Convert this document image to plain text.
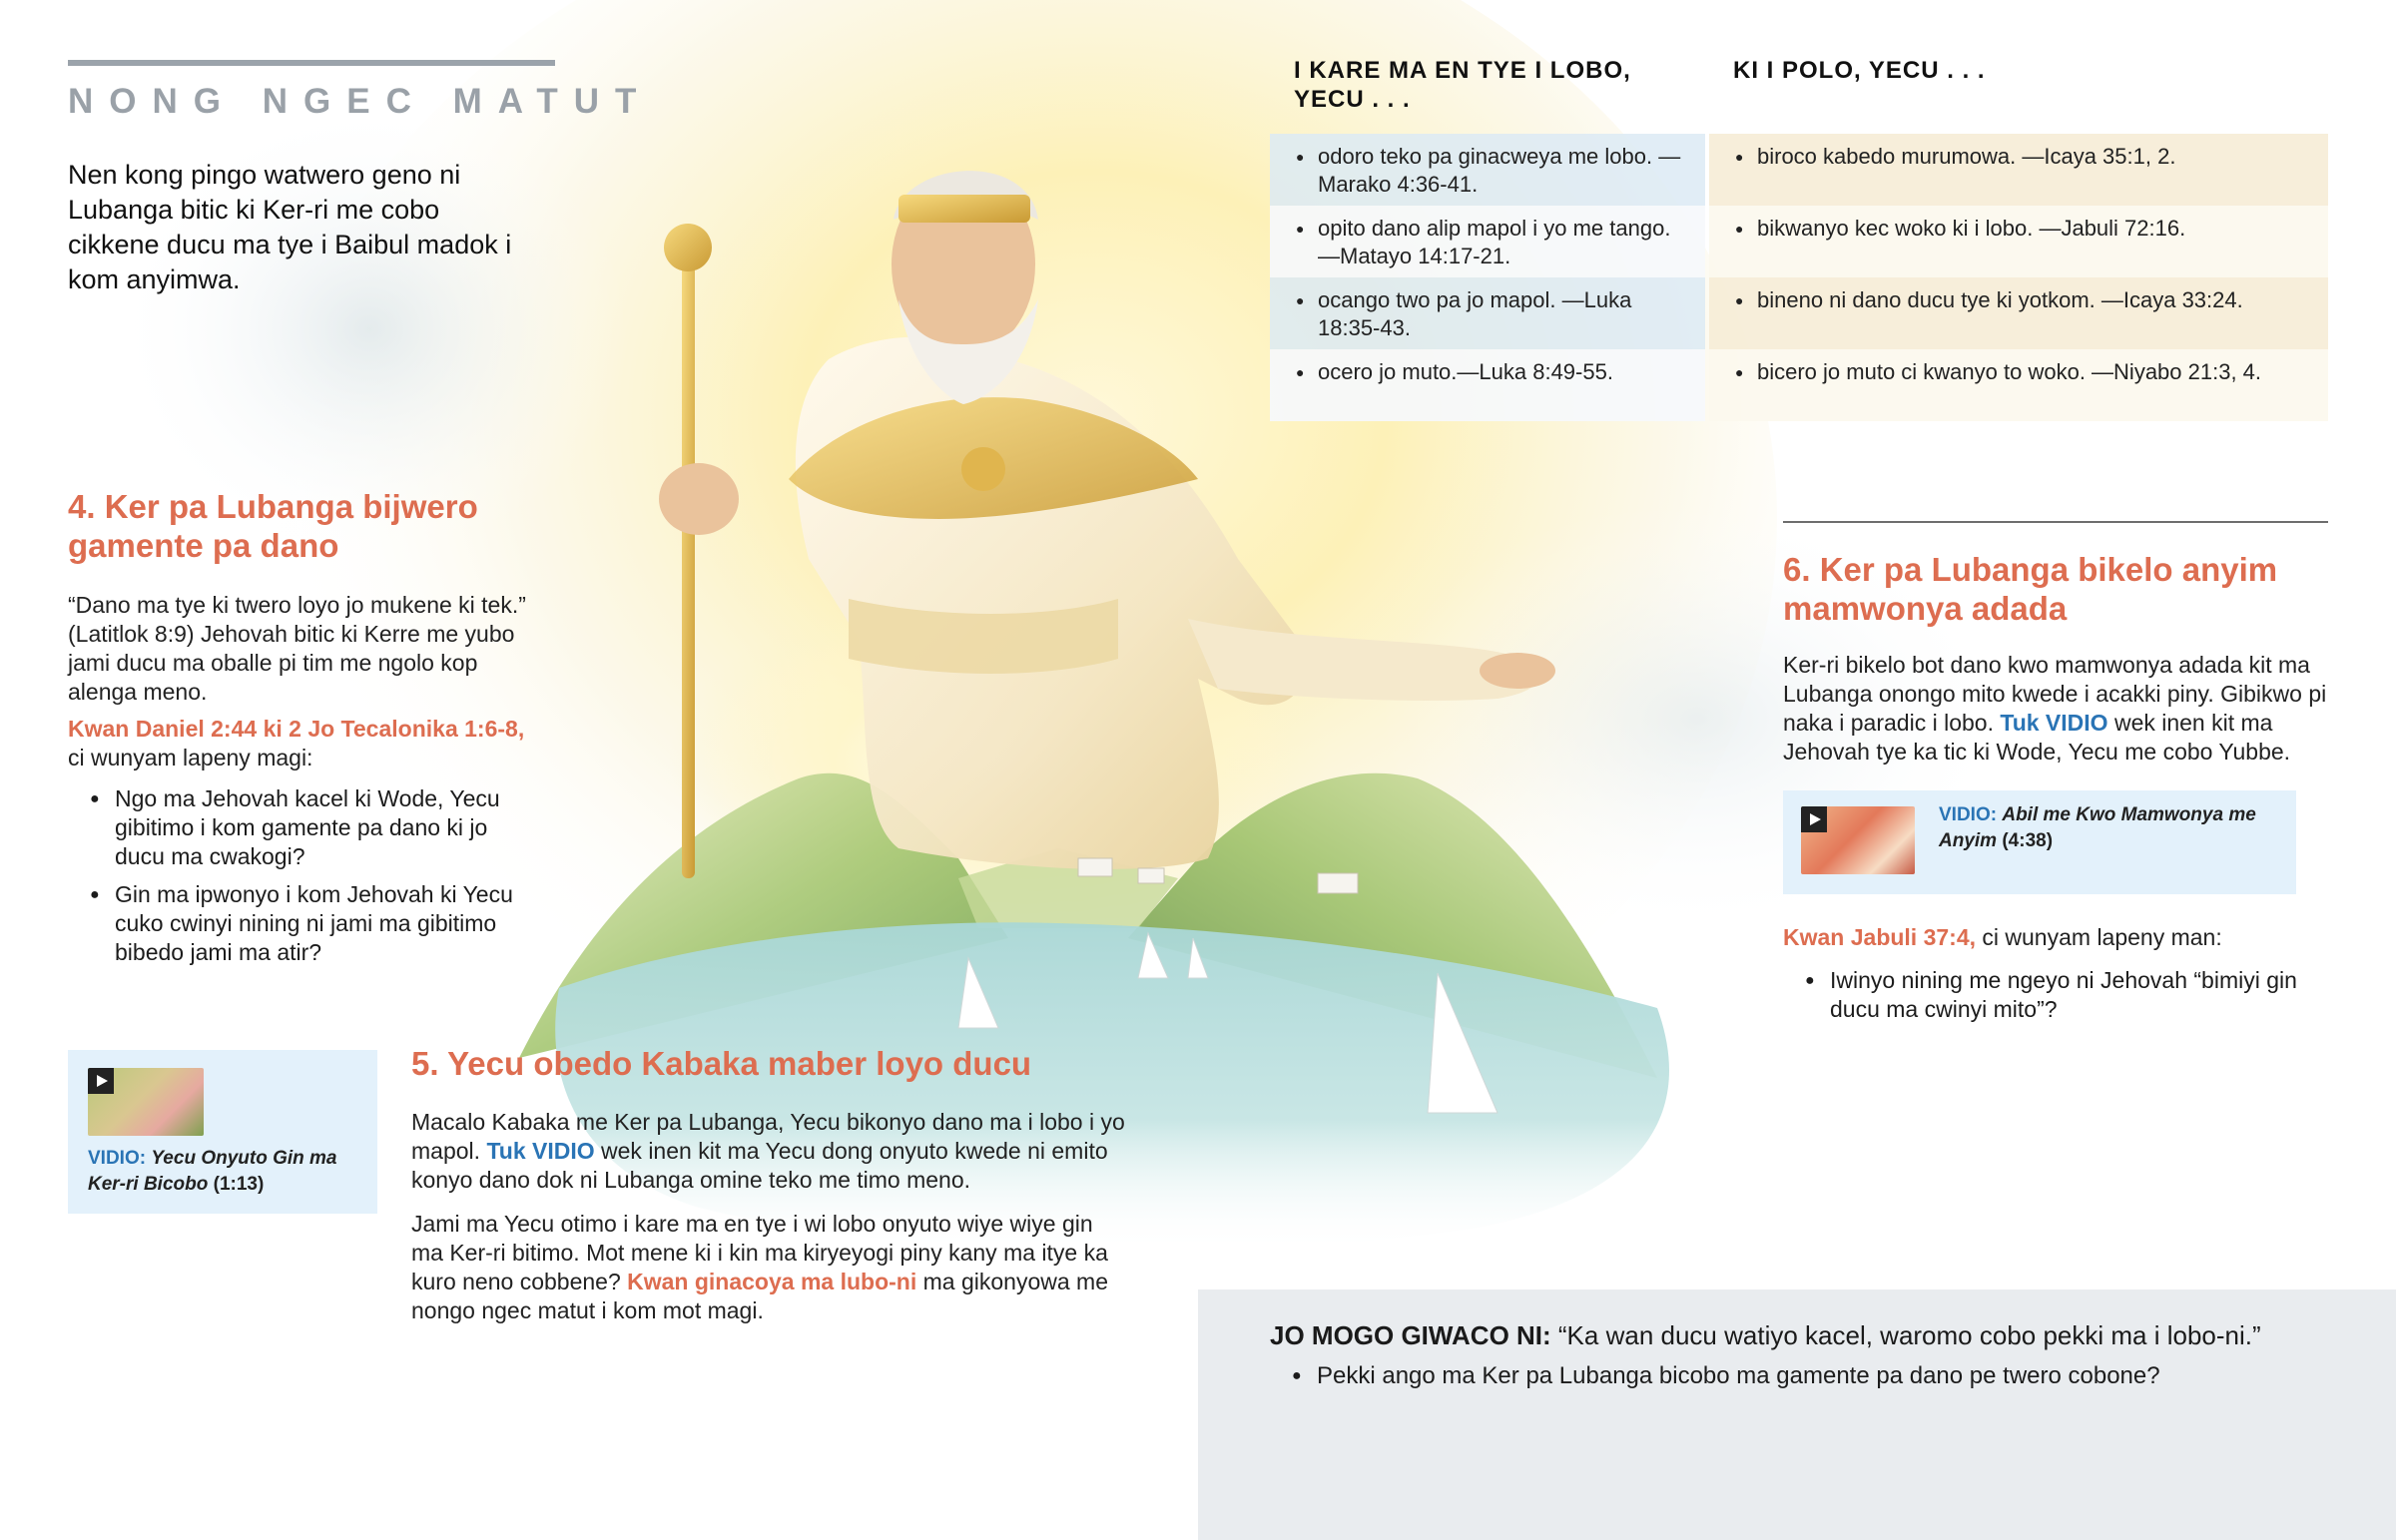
NONG NGEC MATUT
Nen kong pingo watwero geno ni Lubanga bitic ki Ker-ri me cobo cikkene ducu ma tye i Baibul madok i kom anyimwa.
4. Ker pa Lubanga bijwero gamente pa dano
“Dano ma tye ki twero loyo jo mukene ki tek.” (Latitlok 8:9) Jehovah bitic ki Kerre me yubo jami ducu ma oballe pi tim me ngolo kop alenga meno.
Kwan Daniel 2:44 ki 2 Jo Tecalonika 1:6-8, ci wunyam lapeny magi:
● Ngo ma Jehovah kacel ki Wode, Yecu gibitimo i kom gamente pa dano ki jo ducu ma cwakogi?
● Gin ma ipwonyo i kom Jehovah ki Yecu cuko cwinyi nining ni jami ma gibitimo bibedo jami ma atir?
VIDIO: Yecu Onyuto Gin ma Ker-ri Bicobo (1:13)
5. Yecu obedo Kabaka maber loyo ducu
Macalo Kabaka me Ker pa Lubanga, Yecu bikonyo dano ma i lobo i yo mapol. Tuk VIDIO wek inen kit ma Yecu dong onyuto kwede ni emito konyo dano dok ni Lubanga omine teko me timo meno.
Jami ma Yecu otimo i kare ma en tye i wi lobo onyuto wiye wiye gin ma Ker-ri bitimo. Mot mene ki i kin ma kiryeyogi piny kany ma itye ka kuro neno cobbene? Kwan ginacoya ma lubo-ni ma gikonyowa me nongo ngec matut i kom mot magi.
I KARE MA EN TYE I LOBO, YECU . . .
KI I POLO, YECU . . .
● odoro teko pa ginacweya me lobo. —Marako 4:36-41.
● biroco kabedo murumowa. —Icaya 35:1, 2.
● opito dano alip mapol i yo me tango.—Matayo 14:17-21.
● bikwanyo kec woko ki i lobo. —Jabuli 72:16.
● ocango two pa jo mapol. —Luka 18:35-43.
● bineno ni dano ducu tye ki yotkom. —Icaya 33:24.
● ocero jo muto.—Luka 8:49-55.
●	bicero jo muto ci kwanyo to woko. —Niyabo 21:3, 4.
6. Ker pa Lubanga bikelo anyim mamwonya adada
Ker-ri bikelo bot dano kwo mamwonya adada kit ma Lubanga onongo mito kwede i acakki piny. Gibikwo pi naka i paradic i lobo. Tuk VIDIO wek inen kit ma Jehovah tye ka tic ki Wode, Yecu me cobo Yubbe.
VIDIO: Abil me Kwo Mamwonya me Anyim (4:38)
Kwan Jabuli 37:4, ci wunyam lapeny man:
● Iwinyo nining me ngeyo ni Jehovah “bimiyi gin ducu ma cwinyi mito”?
JO MOGO GIWACO NI: “Ka wan ducu watiyo kacel, waromo cobo pekki ma i lobo-ni.”
● Pekki ango ma Ker pa Lubanga bicobo ma gamente pa dano pe twero cobone?
